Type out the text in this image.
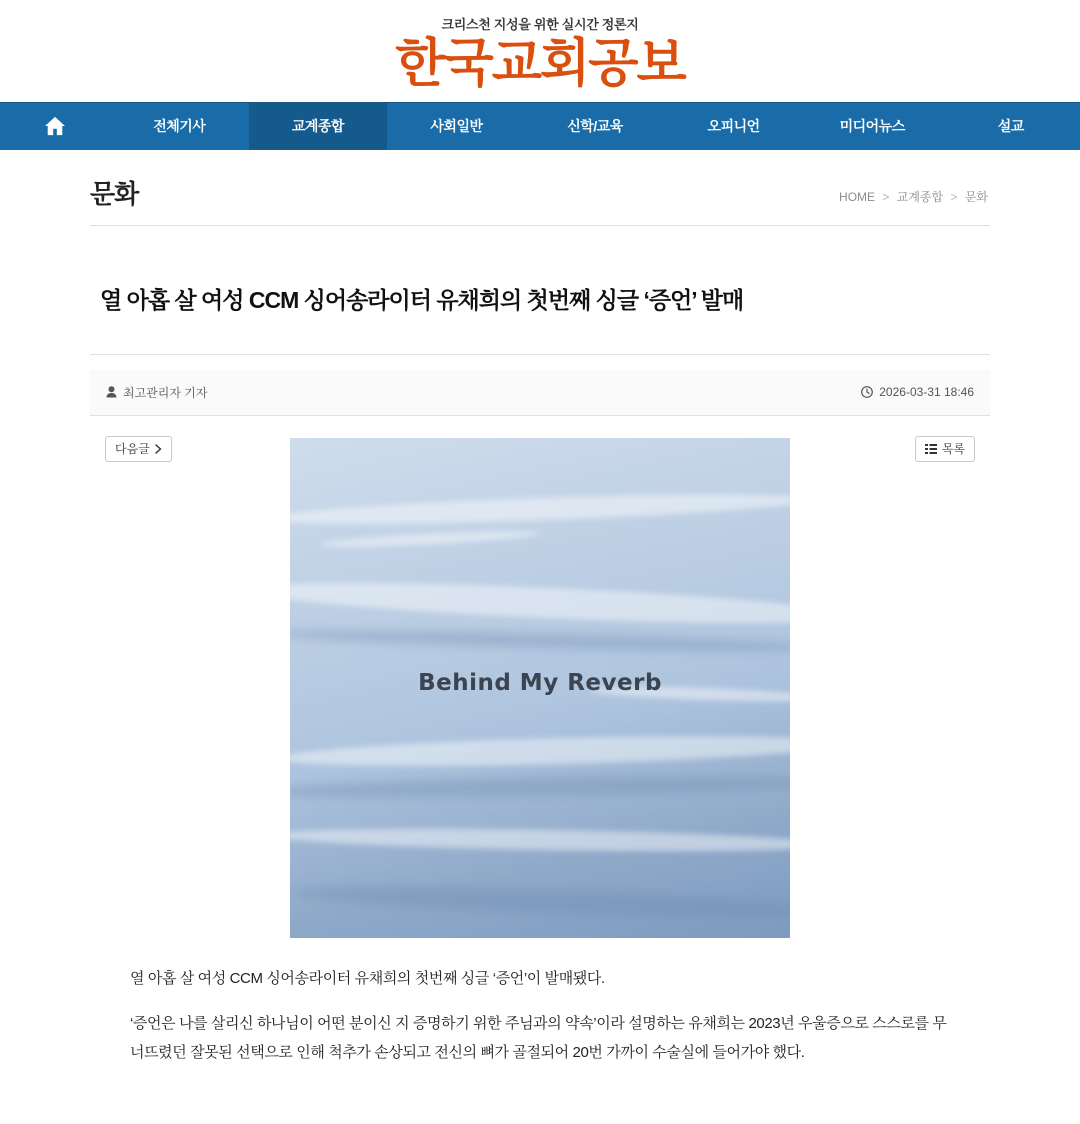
크리스천 지성을 위한 실시간 정론지
한국교회공보
전체기사	교계종합	사회일반	신학/교육	오피니언	미디어뉴스	설교
문화	HOME > 교계종합 > 문화
열 아홉 살 여성 CCM 싱어송라이터 유채희의 첫번째 싱글 ‘증언’ 발매
최고관리자 기자	2026-03-31 18:46
다음글	목록
Behind My Reverb

열 아홉 살 여성 CCM 싱어송라이터 유채희의 첫번째 싱글 ‘증언’이 발매됐다.

‘증언은 나를 살리신 하나님이 어떤 분이신 지 증명하기 위한 주님과의 약속’이라 설명하는 유채희는 2023년 우울증으로 스스로를 무너뜨렸던 잘못된 선택으로 인해 척추가 손상되고 전신의 뼈가 골절되어 20번 가까이 수술실에 들어가야 했다.
